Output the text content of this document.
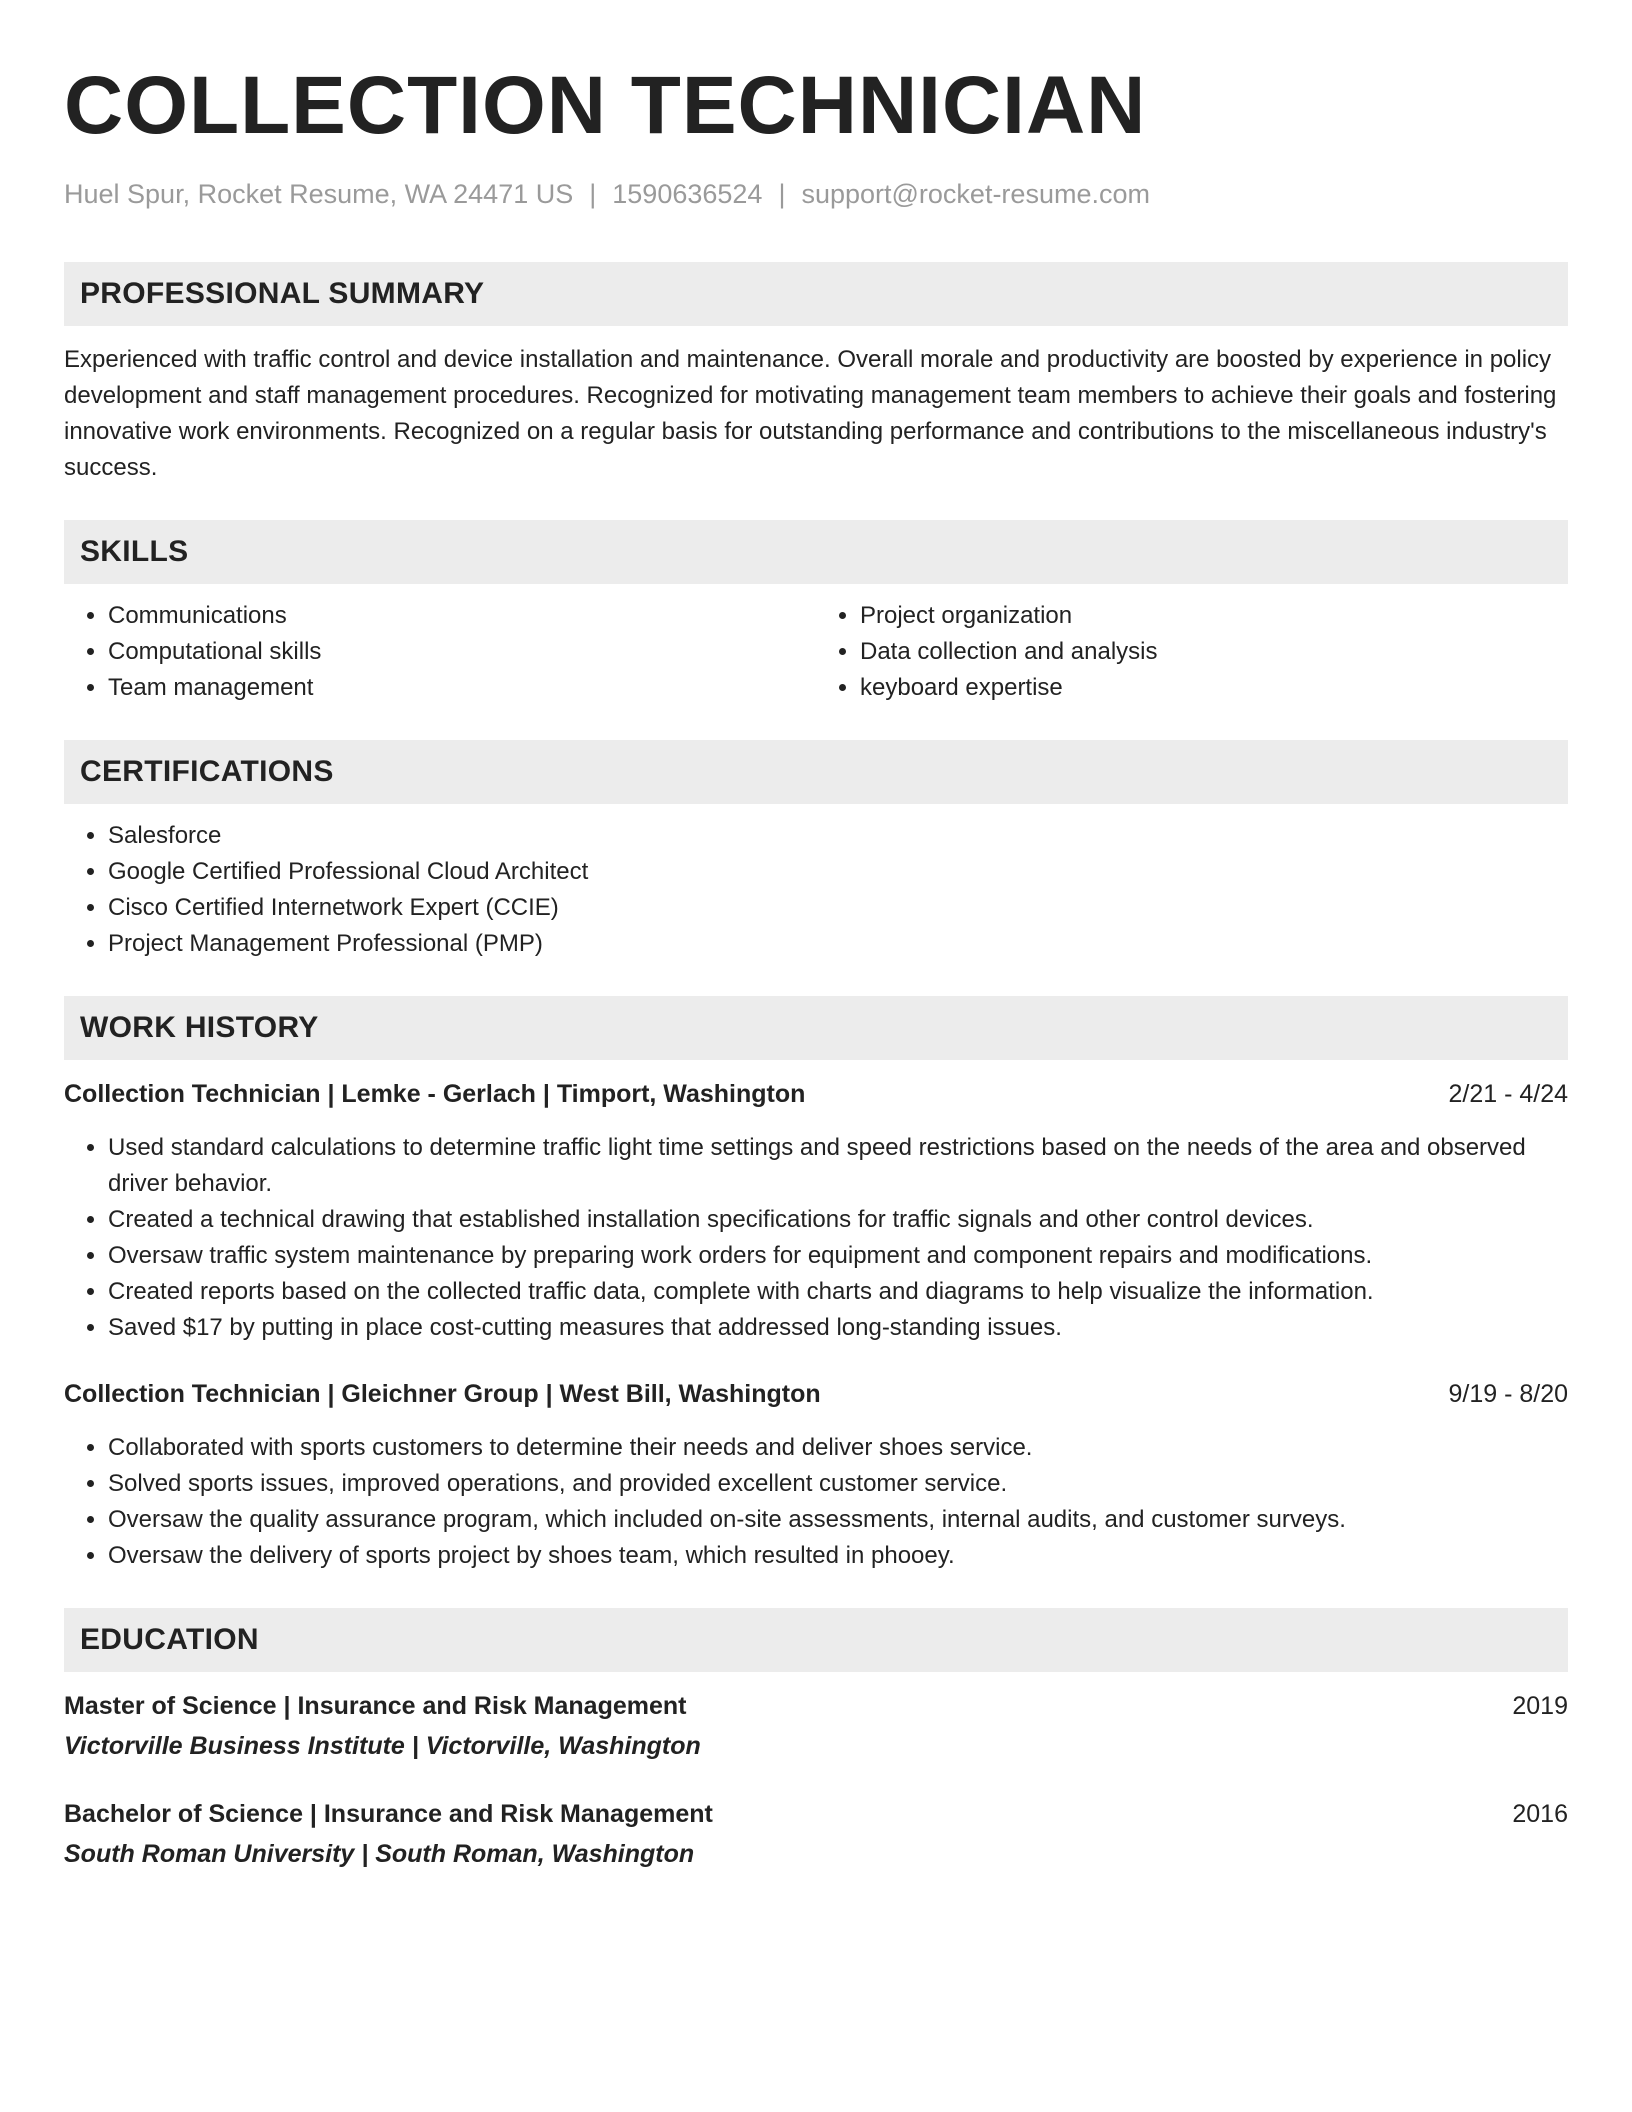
COLLECTION TECHNICIAN
Huel Spur, Rocket Resume, WA 24471 US | 1590636524 | support@rocket-resume.com
PROFESSIONAL SUMMARY

Experienced with traffic control and device installation and maintenance. Overall morale and productivity are boosted by experience in policy development and staff management procedures. Recognized for motivating management team members to achieve their goals and fostering innovative work environments. Recognized on a regular basis for outstanding performance and contributions to the miscellaneous industry's success.

SKILLS
• Communications
• Computational skills
• Team management
• Project organization
• Data collection and analysis
• keyboard expertise
CERTIFICATIONS
• Salesforce
• Google Certified Professional Cloud Architect
• Cisco Certified Internetwork Expert (CCIE)
• Project Management Professional (PMP)
WORK HISTORY
Collection Technician | Lemke - Gerlach | Timport, Washington	2/21 - 4/24
• Used standard calculations to determine traffic light time settings and speed restrictions based on the needs of the area and observed driver behavior.
• Created a technical drawing that established installation specifications for traffic signals and other control devices.
• Oversaw traffic system maintenance by preparing work orders for equipment and component repairs and modifications.
• Created reports based on the collected traffic data, complete with charts and diagrams to help visualize the information.
• Saved $17 by putting in place cost-cutting measures that addressed long-standing issues.
Collection Technician | Gleichner Group | West Bill, Washington	9/19 - 8/20
• Collaborated with sports customers to determine their needs and deliver shoes service.
• Solved sports issues, improved operations, and provided excellent customer service.
• Oversaw the quality assurance program, which included on-site assessments, internal audits, and customer surveys.
• Oversaw the delivery of sports project by shoes team, which resulted in phooey.
EDUCATION
Master of Science | Insurance and Risk Management	2019
Victorville Business Institute | Victorville, Washington
Bachelor of Science | Insurance and Risk Management	2016
South Roman University | South Roman, Washington
